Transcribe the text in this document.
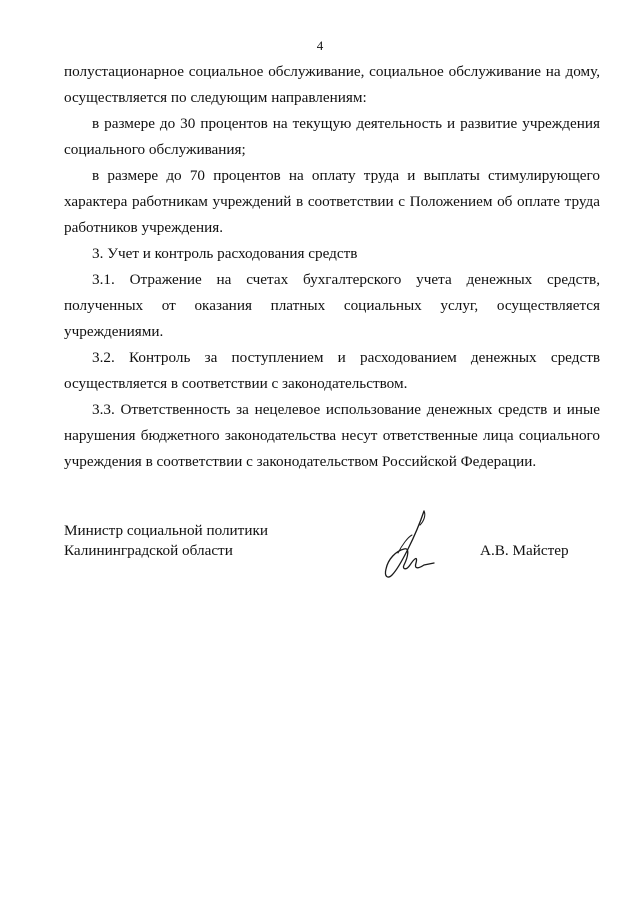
4

полустационарное социальное обслуживание, социальное обслуживание на дому, осуществляется по следующим направлениям:

в размере до 30 процентов на текущую деятельность и развитие учреждения социального обслуживания;

в размере до 70 процентов на оплату труда и выплаты стимулирующего характера работникам учреждений в соответствии с Положением об оплате труда работников учреждения.

3. Учет и контроль расходования средств

3.1. Отражение на счетах бухгалтерского учета денежных средств, полученных от оказания платных социальных услуг, осуществляется учреждениями.

3.2. Контроль за поступлением и расходованием денежных средств осуществляется в соответствии с законодательством.

3.3. Ответственность за нецелевое использование денежных средств и иные нарушения бюджетного законодательства несут ответственные лица социального учреждения в соответствии с законодательством Российской Федерации.

Министр социальной политики
Калининградской области	А.В. Майстер
